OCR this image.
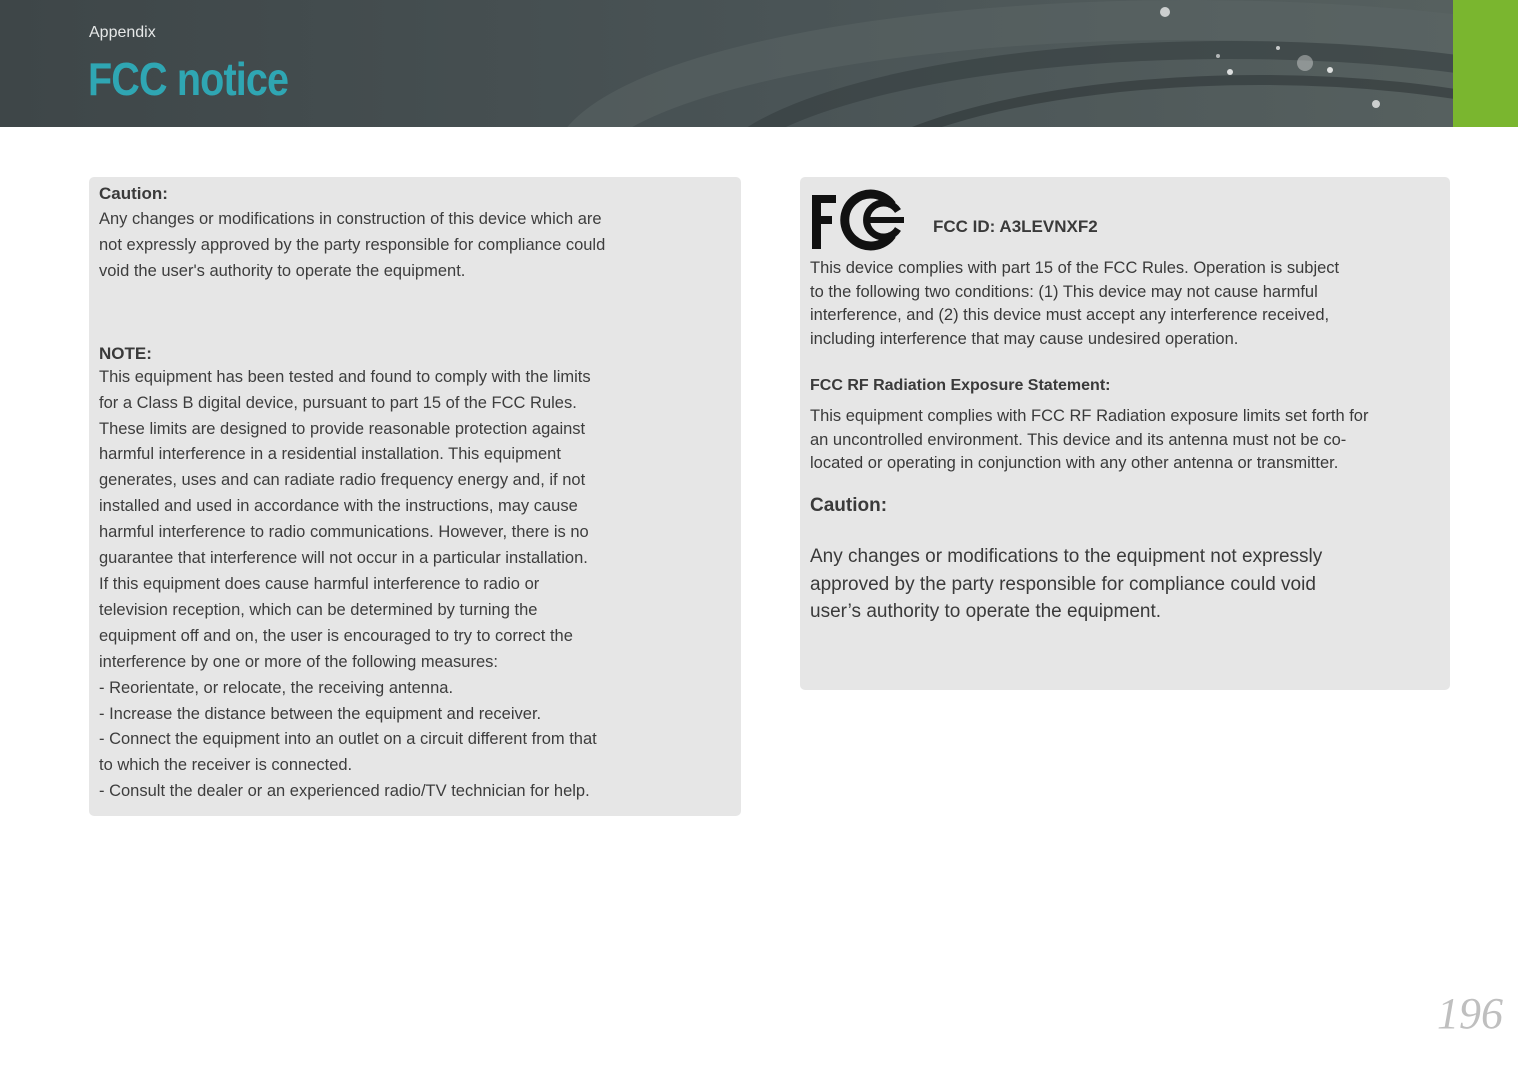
Appendix
FCC notice

Caution:

Any changes or modifications in construction of this device which are
not expressly approved by the party responsible for compliance could
void the user's authority to operate the equipment.

NOTE:

This equipment has been tested and found to comply with the limits
for a Class B digital device, pursuant to part 15 of the FCC Rules.
These limits are designed to provide reasonable protection against
harmful interference in a residential installation. This equipment
generates, uses and can radiate radio frequency energy and, if not
installed and used in accordance with the instructions, may cause
harmful interference to radio communications. However, there is no
guarantee that interference will not occur in a particular installation.
If this equipment does cause harmful interference to radio or
television reception, which can be determined by turning the
equipment off and on, the user is encouraged to try to correct the
interference by one or more of the following measures:
- Reorientate, or relocate, the receiving antenna.
- Increase the distance between the equipment and receiver.
- Connect the equipment into an outlet on a circuit different from that
to which the receiver is connected.
- Consult the dealer or an experienced radio/TV technician for help.

FCC ID: A3LEVNXF2
This device complies with part 15 of the FCC Rules. Operation is subject
to the following two conditions: (1) This device may not cause harmful
interference, and (2) this device must accept any interference received,
including interference that may cause undesired operation.
FCC RF Radiation Exposure Statement:
This equipment complies with FCC RF Radiation exposure limits set forth for
an uncontrolled environment. This device and its antenna must not be co-
located or operating in conjunction with any other antenna or transmitter.
Caution:
Any changes or modifications to the equipment not expressly
approved by the party responsible for compliance could void
user’s authority to operate the equipment.
196
